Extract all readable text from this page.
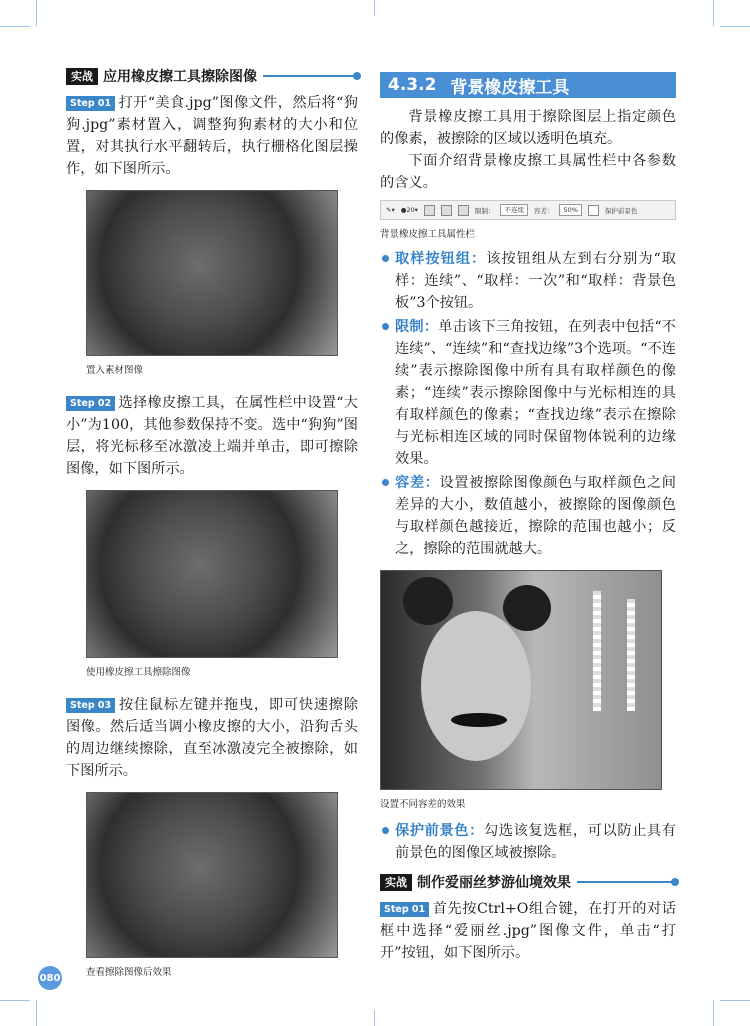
实战 应用橡皮擦工具擦除图像

Step 01 打开“美食.jpg”图像文件，然后将“狗狗.jpg”素材置入，调整狗狗素材的大小和位置，对其执行水平翻转后，执行栅格化图层操作，如下图所示。

置入素材图像

Step 02 选择橡皮擦工具，在属性栏中设置“大小”为100，其他参数保持不变。选中“狗狗”图层，将光标移至冰激凌上端并单击，即可擦除图像，如下图所示。

使用橡皮擦工具擦除图像

Step 03 按住鼠标左键并拖曳，即可快速擦除图像。然后适当调小橡皮擦的大小，沿狗舌头的周边继续擦除，直至冰激凌完全被擦除，如下图所示。

查看擦除图像后效果
4.3.2 背景橡皮擦工具

背景橡皮擦工具用于擦除图层上指定颜色的像素，被擦除的区域以透明色填充。

下面介绍背景橡皮擦工具属性栏中各参数的含义。

✎▾ ●20▾	限制：	不连续	容差：	50%	保护前景色
背景橡皮擦工具属性栏

取样按钮组：该按钮组从左到右分别为“取样：连续”、“取样：一次”和“取样：背景色板”3个按钮。

限制：单击该下三角按钮，在列表中包括“不连续”、“连续”和“查找边缘”3个选项。“不连续”表示擦除图像中所有具有取样颜色的像素；“连续”表示擦除图像中与光标相连的具有取样颜色的像素；“查找边缘”表示在擦除与光标相连区域的同时保留物体锐利的边缘效果。

容差：设置被擦除图像颜色与取样颜色之间差异的大小，数值越小，被擦除的图像颜色与取样颜色越接近，擦除的范围也越小；反之，擦除的范围就越大。

设置不同容差的效果

保护前景色：勾选该复选框，可以防止具有前景色的图像区域被擦除。

实战 制作爱丽丝梦游仙境效果

Step 01 首先按Ctrl+O组合键，在打开的对话框中选择“爱丽丝.jpg”图像文件，单击“打开”按钮，如下图所示。

080
